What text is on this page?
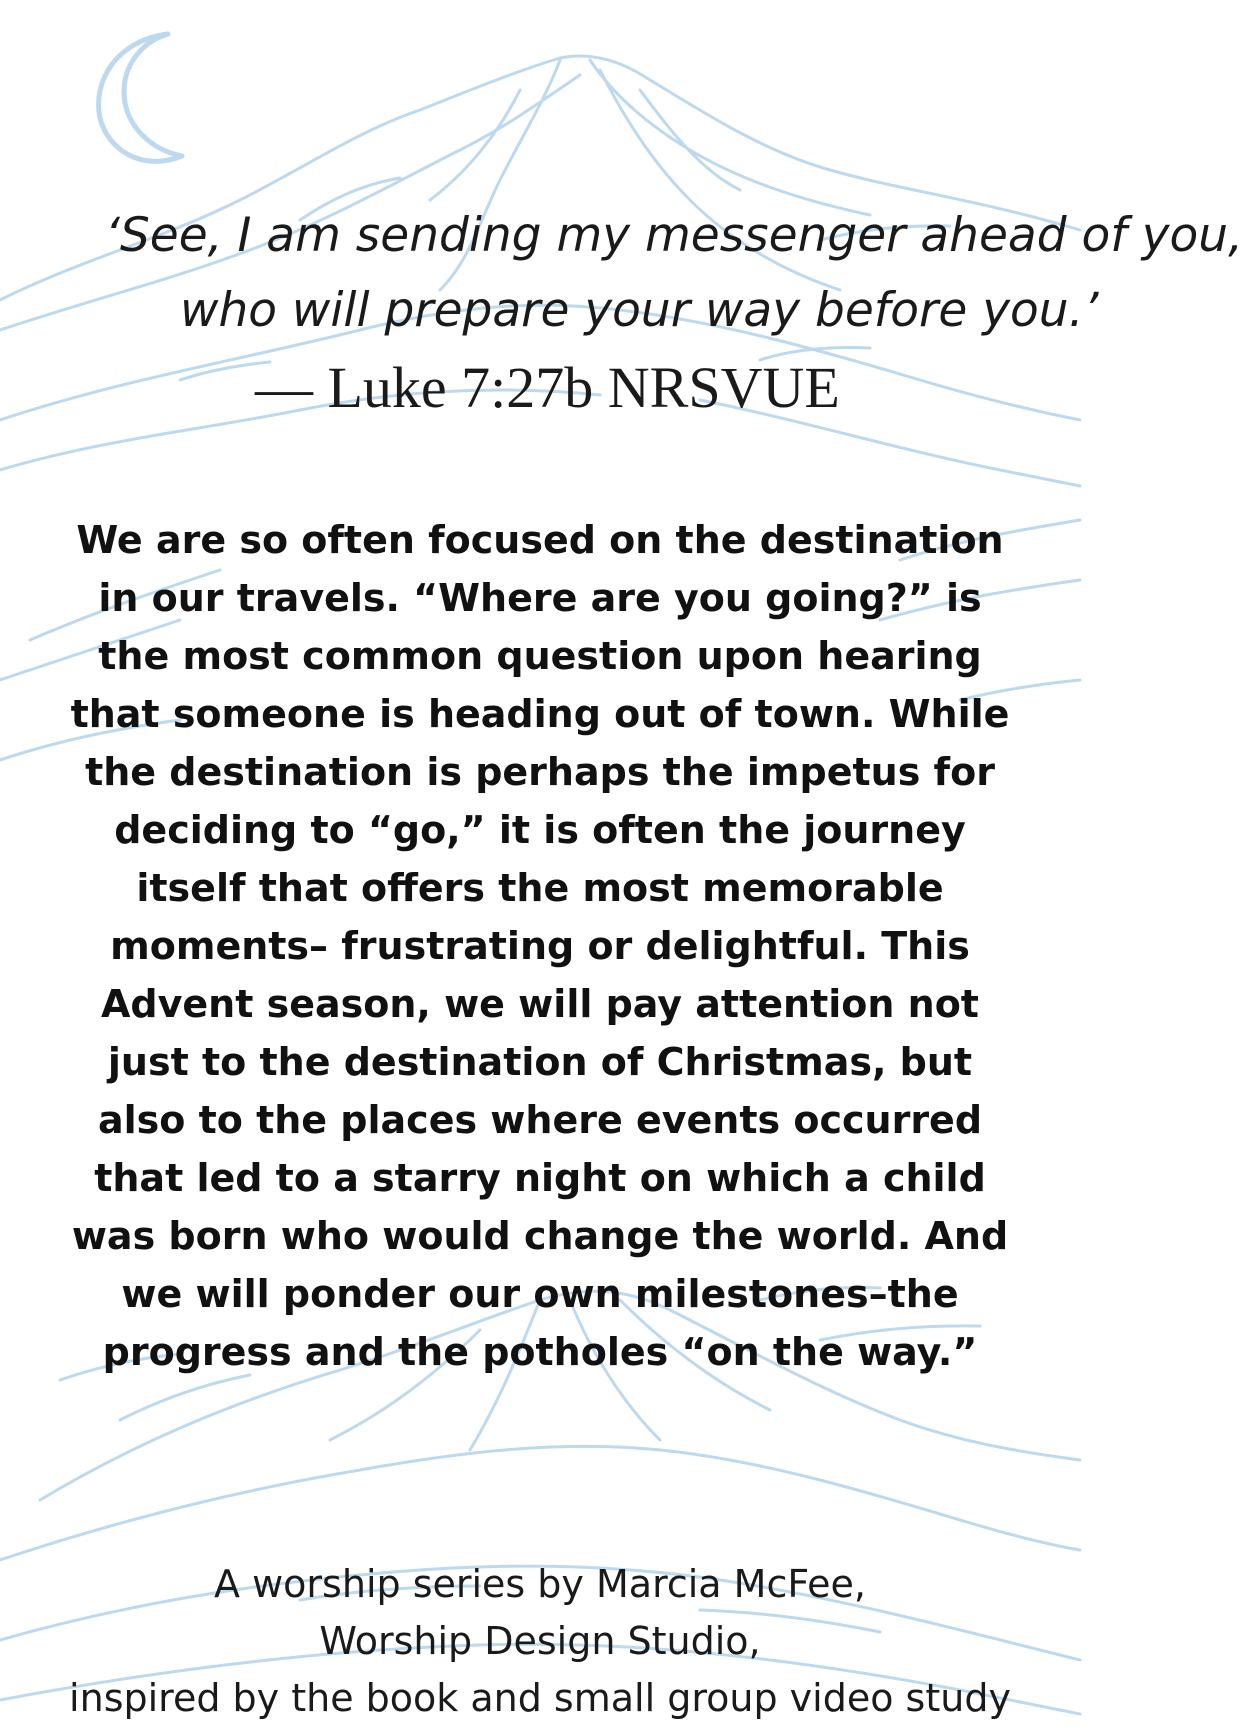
‘See, I am sending my messenger ahead of you,
who will prepare your way before you.’
— Luke 7:27b NRSVUE

We are so often focused on the destination in our travels. “Where are you going?” is the most common question upon hearing that someone is heading out of town. While the destination is perhaps the impetus for deciding to “go,” it is often the journey itself that offers the most memorable moments– frustrating or delightful. This Advent season, we will pay attention not just to the destination of Christmas, but also to the places where events occurred that led to a starry night on which a child was born who would change the world. And we will ponder our own milestones–the progress and the potholes “on the way.”

A worship series by Marcia McFee,
Worship Design Studio,
inspired by the book and small group video study
